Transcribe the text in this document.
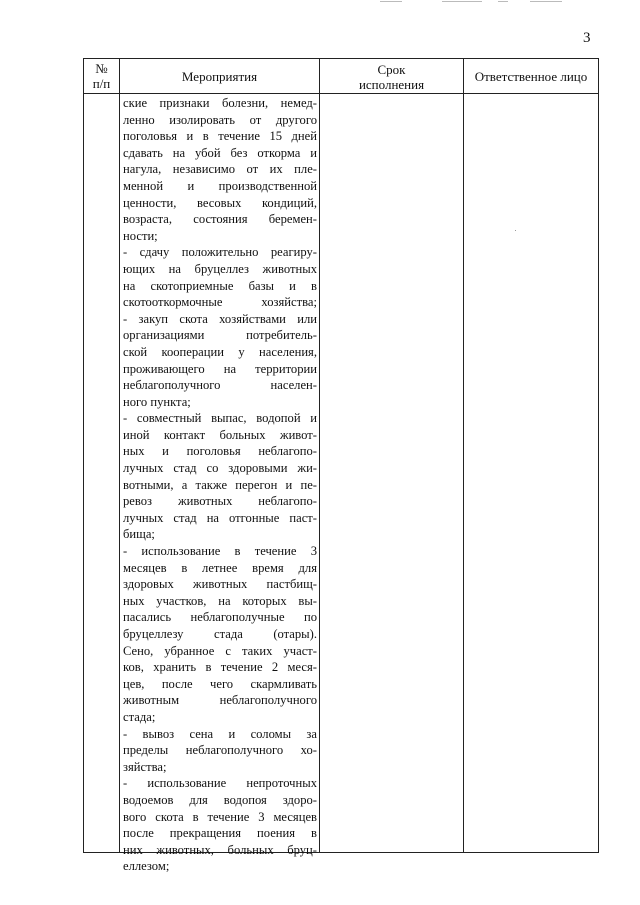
3
№
п/п	Мероприятия	Срок
исполнения
Ответственное лицо
ские признаки болезни, немед-
ленно изолировать от другого
поголовья и в течение 15 дней
сдавать на убой без откорма и
нагула, независимо от их пле-
менной и производственной
ценности, весовых кондиций,
возраста, состояния беремен-
ности;
- сдачу положительно реагиру-
ющих на бруцеллез животных
на скотоприемные базы и в
скотооткормочные хозяйства;
- закуп скота хозяйствами или
организациями потребитель-
ской кооперации у населения,
проживающего на территории
неблагополучного населен-
ного пункта;
- совместный выпас, водопой и
иной контакт больных живот-
ных и поголовья неблагопо-
лучных стад со здоровыми жи-
вотными, а также перегон и пе-
ревоз животных неблагопо-
лучных стад на отгонные паст-
бища;
- использование в течение 3
месяцев в летнее время для
здоровых животных пастбищ-
ных участков, на которых вы-
пасались неблагополучные по
бруцеллезу стада (отары).
Сено, убранное с таких участ-
ков, хранить в течение 2 меся-
цев, после чего скармливать
животным неблагополучного
стада;
- вывоз сена и соломы за
пределы неблагополучного хо-
зяйства;
- использование непроточных
водоемов для водопоя здоро-
вого скота в течение 3 месяцев
после прекращения поения в
них животных, больных бруц-
еллезом;
